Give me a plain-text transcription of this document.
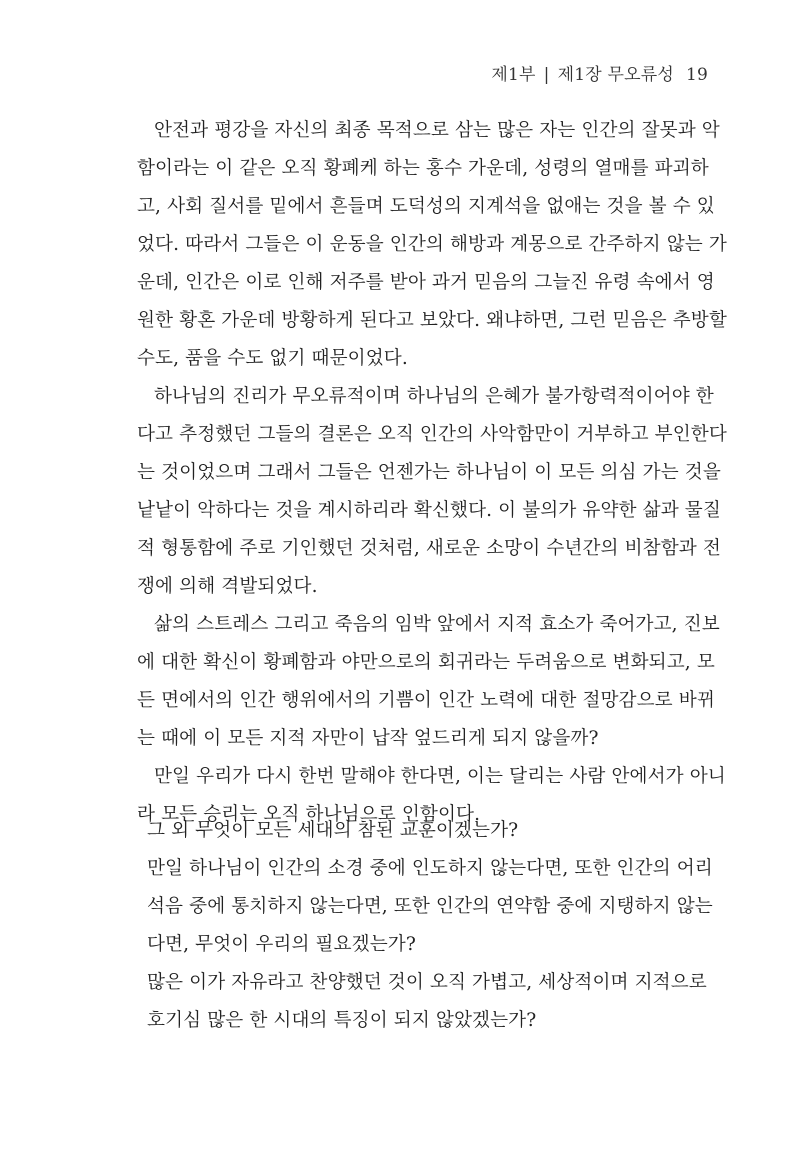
제1부 | 제1장 무오류성 19
안전과 평강을 자신의 최종 목적으로 삼는 많은 자는 인간의 잘못과 악
함이라는 이 같은 오직 황폐케 하는 홍수 가운데, 성령의 열매를 파괴하
고, 사회 질서를 밑에서 흔들며 도덕성의 지계석을 없애는 것을 볼 수 있
었다. 따라서 그들은 이 운동을 인간의 해방과 계몽으로 간주하지 않는 가
운데, 인간은 이로 인해 저주를 받아 과거 믿음의 그늘진 유령 속에서 영
원한 황혼 가운데 방황하게 된다고 보았다. 왜냐하면, 그런 믿음은 추방할
수도, 품을 수도 없기 때문이었다.
하나님의 진리가 무오류적이며 하나님의 은혜가 불가항력적이어야 한
다고 추정했던 그들의 결론은 오직 인간의 사악함만이 거부하고 부인한다
는 것이었으며 그래서 그들은 언젠가는 하나님이 이 모든 의심 가는 것을
낱낱이 악하다는 것을 계시하리라 확신했다. 이 불의가 유약한 삶과 물질
적 형통함에 주로 기인했던 것처럼, 새로운 소망이 수년간의 비참함과 전
쟁에 의해 격발되었다.
삶의 스트레스 그리고 죽음의 임박 앞에서 지적 효소가 죽어가고, 진보
에 대한 확신이 황폐함과 야만으로의 회귀라는 두려움으로 변화되고, 모
든 면에서의 인간 행위에서의 기쁨이 인간 노력에 대한 절망감으로 바뀌
는 때에 이 모든 지적 자만이 납작 엎드리게 되지 않을까?
만일 우리가 다시 한번 말해야 한다면, 이는 달리는 사람 안에서가 아니
라 모든 승리는 오직 하나님으로 인함이다.
그 외 무엇이 모든 세대의 참된 교훈이겠는가?
만일 하나님이 인간의 소경 중에 인도하지 않는다면, 또한 인간의 어리
석음 중에 통치하지 않는다면, 또한 인간의 연약함 중에 지탱하지 않는
다면, 무엇이 우리의 필요겠는가?
많은 이가 자유라고 찬양했던 것이 오직 가볍고, 세상적이며 지적으로
호기심 많은 한 시대의 특징이 되지 않았겠는가?
